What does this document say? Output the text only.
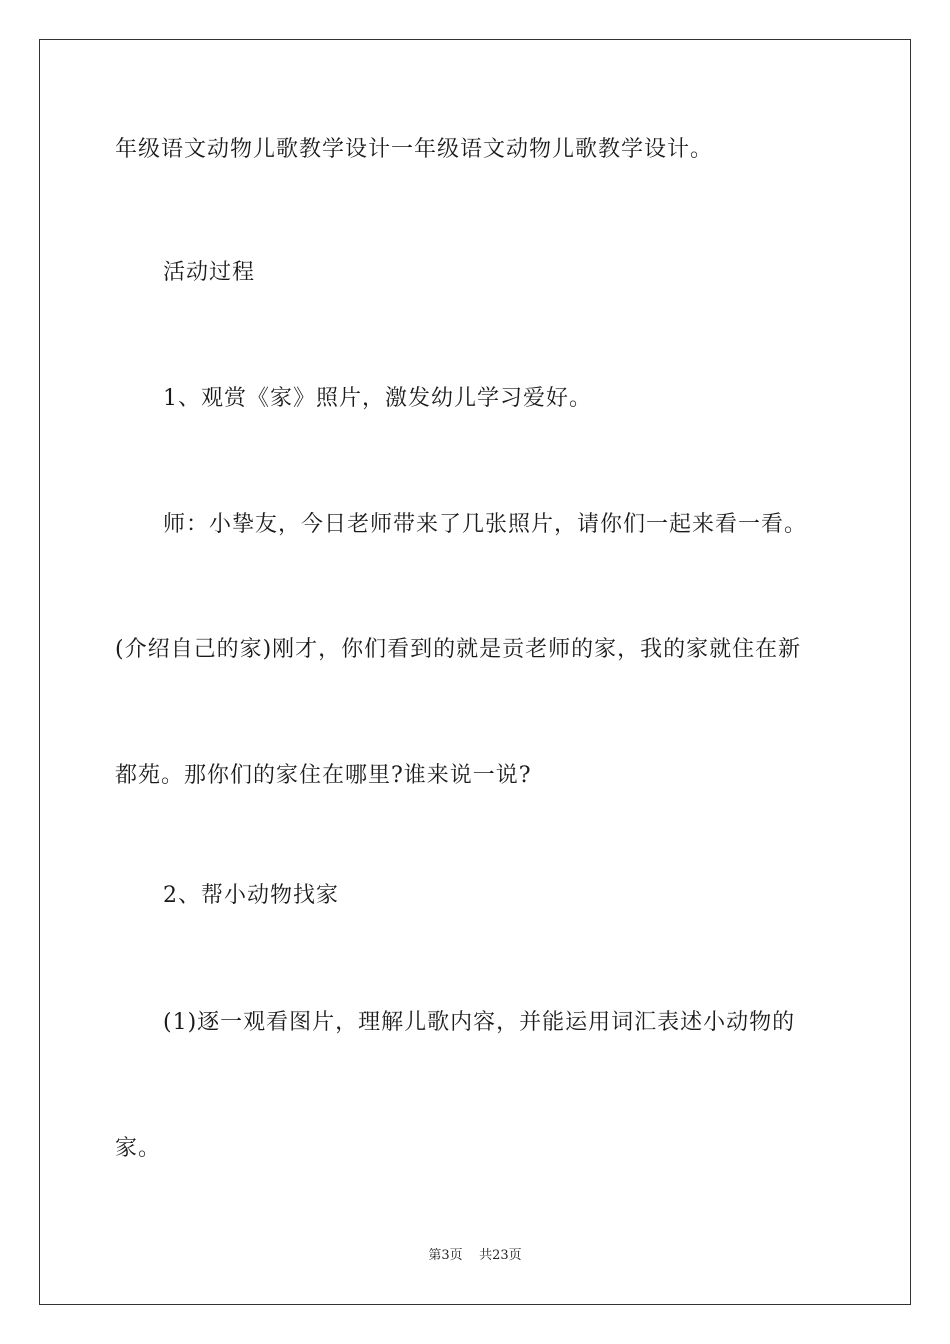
年级语文动物儿歌教学设计一年级语文动物儿歌教学设计。
活动过程
1、观赏《家》照片，激发幼儿学习爱好。
师：小挚友，今日老师带来了几张照片，请你们一起来看一看。
(介绍自己的家)刚才，你们看到的就是贡老师的家，我的家就住在新
都苑。那你们的家住在哪里?谁来说一说?
2、帮小动物找家
(1)逐一观看图片，理解儿歌内容，并能运用词汇表述小动物的
家。
第3页    共23页
